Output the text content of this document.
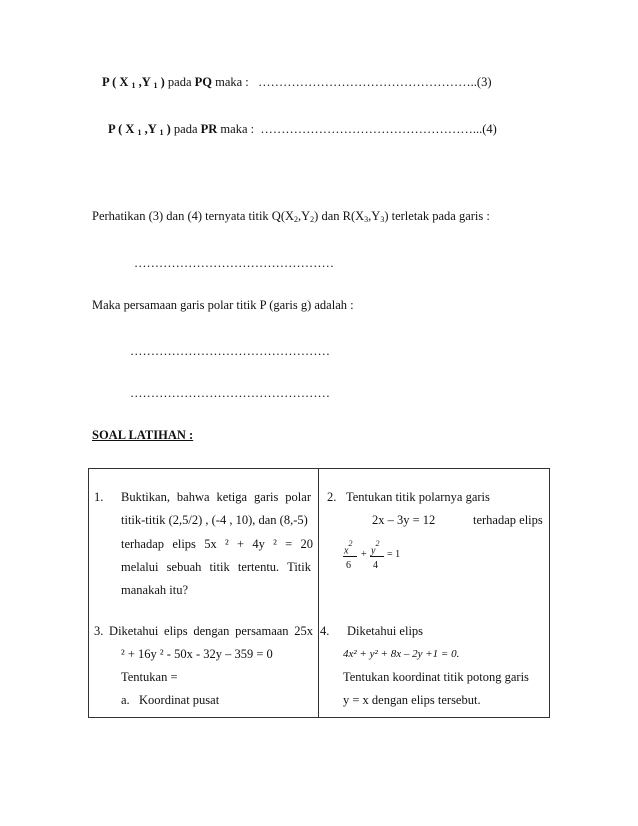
P ( X $_1$ ,Y $_1$ ) pada PQ maka : ……………………………………………..(3)
P ( X $_1$ ,Y $_1$ ) pada PR maka : ……………………………………………...(4)
Perhatikan (3) dan (4) ternyata titik $Q(X_2,Y_2)$ dan $R(X_3,Y_3)$ terletak pada garis :
…………………………………………
Maka persamaan garis polar titik P (garis g) adalah :
…………………………………………
…………………………………………
SOAL LATIHAN :
1. Buktikan, bahwa ketiga garis polar
titik-titik (2,5/2) , (-4 , 10), dan (8,-5)
terhadap elips 5x ² + 4y ² = 20
melalui sebuah titik tertentu. Titik
manakah itu?
2. Tentukan titik polarnya garis
2x – 3y = 12	terhadap elips
$x^2$
6
+ $y^2$
4
= 1
3. Diketahui elips dengan persamaan 25x
² + 16y ² - 50x - 32y – 359 = 0
Tentukan =
a. Koordinat pusat
4. Diketahui elips
4x² + y² + 8x – 2y +1 = 0.
Tentukan koordinat titik potong garis
y = x dengan elips tersebut.
